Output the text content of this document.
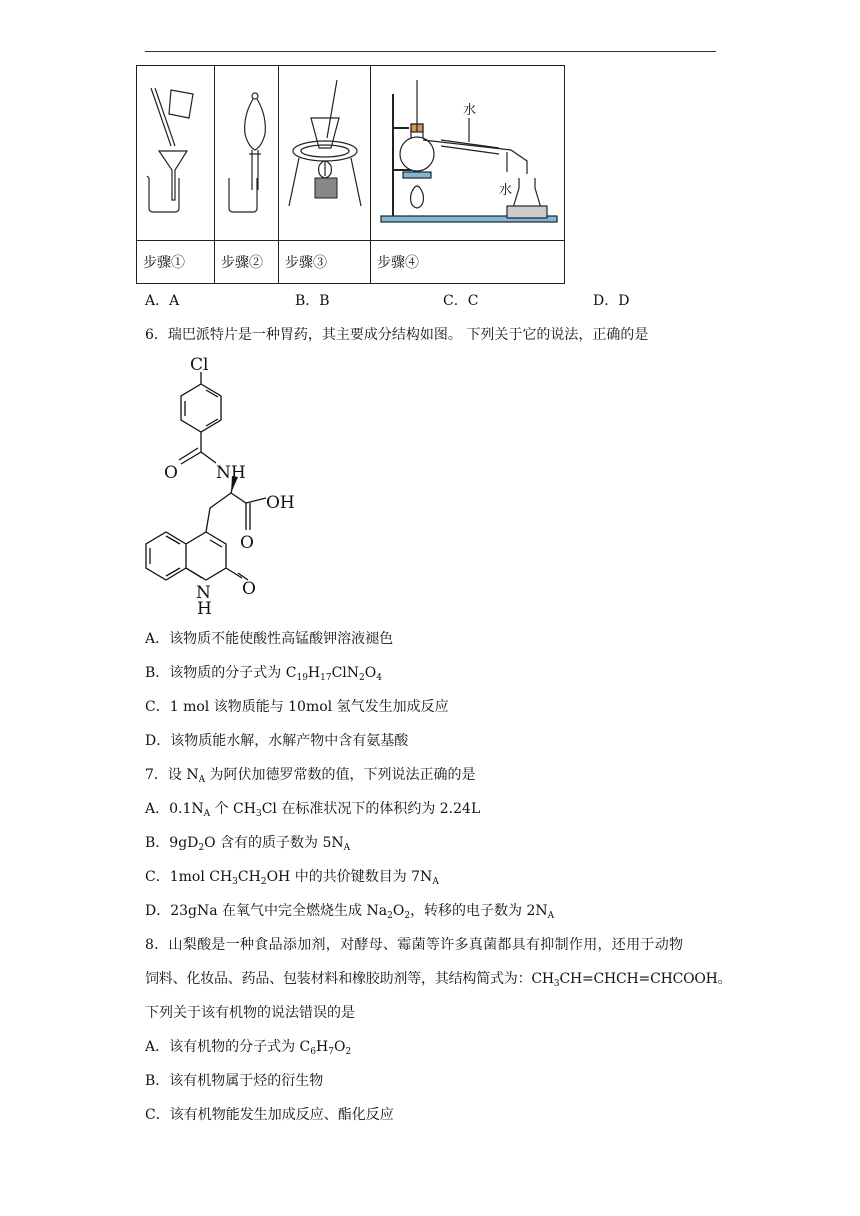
水
水

步骤①	步骤②	步骤③	步骤④
A．A	B．B	C．C	D．D
6．瑞巴派特片是一种胃药，其主要成分结构如图。 下列关于它的说法，正确的是
Cl
O NH
OH
O
N
H
O
A．该物质不能使酸性高锰酸钾溶液褪色
B．该物质的分子式为 $C_{19}H_{17}ClN_2O_4$
C．1 mol 该物质能与 10mol 氢气发生加成反应
D．该物质能水解，水解产物中含有氨基酸
7．设 $N_A$ 为阿伏加德罗常数的值，下列说法正确的是
A．$0.1N_A$ 个 $CH_3Cl$ 在标准状况下的体积约为 2.24L
B．$9gD_2O$ 含有的质子数为 $5N_A$
C．1mol $CH_3CH_2OH$ 中的共价键数目为 $7N_A$
D．23gNa 在氧气中完全燃烧生成 $Na_2O_2$，转移的电子数为 $2N_A$
8．山梨酸是一种食品添加剂，对酵母、霉菌等许多真菌都具有抑制作用，还用于动物
饲料、化妆品、药品、包装材料和橡胶助剂等，其结构简式为：$CH_3CH=CHCH=CHCOOH$。
下列关于该有机物的说法错误的是
A．该有机物的分子式为 $C_6H_7O_2$
B．该有机物属于烃的衍生物
C．该有机物能发生加成反应、酯化反应
